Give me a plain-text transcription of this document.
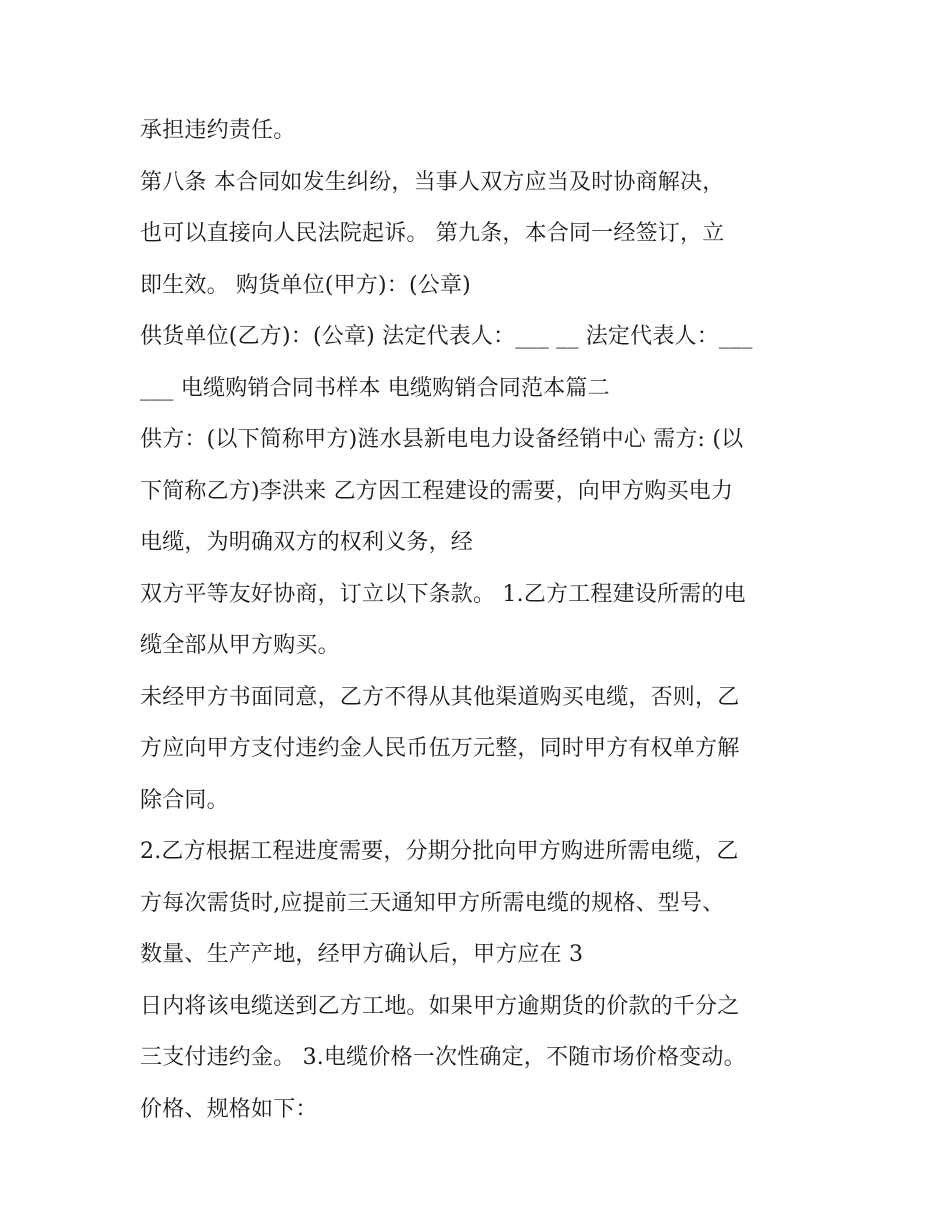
承担违约责任。
第八条 本合同如发生纠纷，当事人双方应当及时协商解决，
也可以直接向人民法院起诉。 第九条，本合同一经签订，立
即生效。 购货单位(甲方)：(公章)
供货单位(乙方)：(公章) 法定代表人：___ __ 法定代表人：___
___ 电缆购销合同书样本 电缆购销合同范本篇二
供方：(以下简称甲方)涟水县新电电力设备经销中心 需方: (以
下简称乙方)李洪来 乙方因工程建设的需要，向甲方购买电力
电缆，为明确双方的权利义务，经
双方平等友好协商，订立以下条款。 1.乙方工程建设所需的电
缆全部从甲方购买。
未经甲方书面同意，乙方不得从其他渠道购买电缆，否则，乙
方应向甲方支付违约金人民币伍万元整，同时甲方有权单方解
除合同。
2.乙方根据工程进度需要，分期分批向甲方购进所需电缆，乙
方每次需货时,应提前三天通知甲方所需电缆的规格、型号、
数量、生产产地，经甲方确认后，甲方应在 3
日内将该电缆送到乙方工地。如果甲方逾期货的价款的千分之
三支付违约金。 3.电缆价格一次性确定，不随市场价格变动。
价格、规格如下：
